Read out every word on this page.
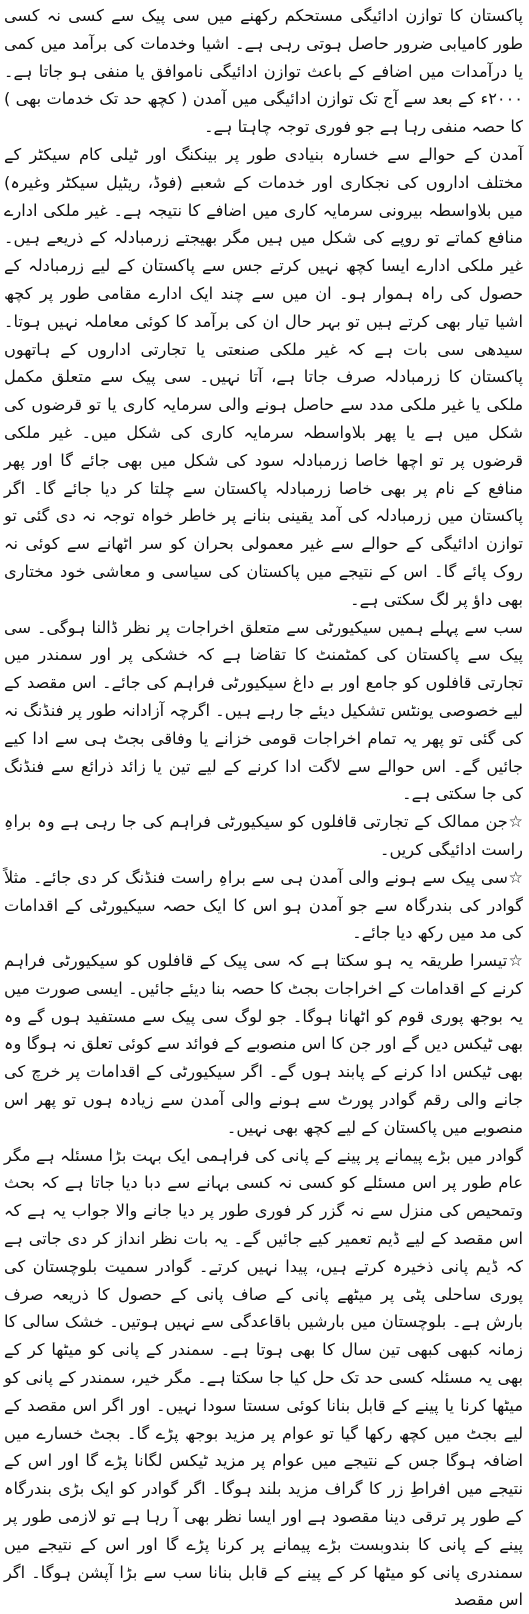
پاکستان کا توازن ادائیگی مستحکم رکھنے میں سی پیک سے کسی نہ کسی طور کامیابی ضرور حاصل ہوتی رہی ہے۔ اشیا وخدمات کی برآمد میں کمی یا درآمدات میں اضافے کے باعث توازن ادائیگی ناموافق یا منفی ہو جاتا ہے۔ ۲۰۰۰ء کے بعد سے آج تک توازن ادائیگی میں آمدن ( کچھ حد تک خدمات بھی ) کا حصہ منفی رہا ہے جو فوری توجہ چاہتا ہے۔

آمدن کے حوالے سے خسارہ بنیادی طور پر بینکنگ اور ٹیلی کام سیکٹر کے مختلف اداروں کی نجکاری اور خدمات کے شعبے (فوڈ، ریٹیل سیکٹر وغیرہ) میں بلاواسطہ بیرونی سرمایہ کاری میں اضافے کا نتیجہ ہے۔ غیر ملکی ادارے منافع کماتے تو روپے کی شکل میں ہیں مگر بھیجتے زرمبادلہ کے ذریعے ہیں۔ غیر ملکی ادارے ایسا کچھ نہیں کرتے جس سے پاکستان کے لیے زرمبادلہ کے حصول کی راہ ہموار ہو۔ ان میں سے چند ایک ادارے مقامی طور پر کچھ اشیا تیار بھی کرتے ہیں تو بہر حال ان کی برآمد کا کوئی معاملہ نہیں ہوتا۔ سیدھی سی بات ہے کہ غیر ملکی صنعتی یا تجارتی اداروں کے ہاتھوں پاکستان کا زرمبادلہ صرف جاتا ہے، آتا نہیں۔ سی پیک سے متعلق مکمل ملکی یا غیر ملکی مدد سے حاصل ہونے والی سرمایہ کاری یا تو قرضوں کی شکل میں ہے یا پھر بلاواسطہ سرمایہ کاری کی شکل میں۔ غیر ملکی قرضوں پر تو اچھا خاصا زرمبادلہ سود کی شکل میں بھی جائے گا اور پھر منافع کے نام پر بھی خاصا زرمبادلہ پاکستان سے چلتا کر دیا جائے گا۔ اگر پاکستان میں زرمبادلہ کی آمد یقینی بنانے پر خاطر خواہ توجہ نہ دی گئی تو توازن ادائیگی کے حوالے سے غیر معمولی بحران کو سر اٹھانے سے کوئی نہ روک پائے گا۔ اس کے نتیجے میں پاکستان کی سیاسی و معاشی خود مختاری بھی داؤ پر لگ سکتی ہے۔

سب سے پہلے ہمیں سیکیورٹی سے متعلق اخراجات پر نظر ڈالنا ہوگی۔ سی پیک سے پاکستان کی کمٹمنٹ کا تقاضا ہے کہ خشکی پر اور سمندر میں تجارتی قافلوں کو جامع اور بے داغ سیکیورٹی فراہم کی جائے۔ اس مقصد کے لیے خصوصی یونٹس تشکیل دیئے جا رہے ہیں۔ اگرچہ آزادانہ طور پر فنڈنگ نہ کی گئی تو پھر یہ تمام اخراجات قومی خزانے یا وفاقی بجٹ ہی سے ادا کیے جائیں گے۔ اس حوالے سے لاگت ادا کرنے کے لیے تین یا زائد ذرائع سے فنڈنگ کی جا سکتی ہے۔

☆جن ممالک کے تجارتی قافلوں کو سیکیورٹی فراہم کی جا رہی ہے وہ براہِ راست ادائیگی کریں۔

☆سی پیک سے ہونے والی آمدن ہی سے براہِ راست فنڈنگ کر دی جائے۔ مثلاً گوادر کی بندرگاہ سے جو آمدن ہو اس کا ایک حصہ سیکیورٹی کے اقدامات کی مد میں رکھ دیا جائے۔

☆تیسرا طریقہ یہ ہو سکتا ہے کہ سی پیک کے قافلوں کو سیکیورٹی فراہم کرنے کے اقدامات کے اخراجات بجٹ کا حصہ بنا دیئے جائیں۔ ایسی صورت میں یہ بوجھ پوری قوم کو اٹھانا ہوگا۔ جو لوگ سی پیک سے مستفید ہوں گے وہ بھی ٹیکس دیں گے اور جن کا اس منصوبے کے فوائد سے کوئی تعلق نہ ہوگا وہ بھی ٹیکس ادا کرنے کے پابند ہوں گے۔ اگر سیکیورٹی کے اقدامات پر خرچ کی جانے والی رقم گوادر پورٹ سے ہونے والی آمدن سے زیادہ ہوں تو پھر اس منصوبے میں پاکستان کے لیے کچھ بھی نہیں۔

گوادر میں بڑے پیمانے پر پینے کے پانی کی فراہمی ایک بہت بڑا مسئلہ ہے مگر عام طور پر اس مسئلے کو کسی نہ کسی بہانے سے دبا دیا جاتا ہے کہ بحث وتمحیص کی منزل سے نہ گزر کر فوری طور پر دیا جانے والا جواب یہ ہے کہ اس مقصد کے لیے ڈیم تعمیر کیے جائیں گے۔ یہ بات نظر انداز کر دی جاتی ہے کہ ڈیم پانی ذخیرہ کرتے ہیں، پیدا نہیں کرتے۔ گوادر سمیت بلوچستان کی پوری ساحلی پٹی پر میٹھے پانی کے صاف پانی کے حصول کا ذریعہ صرف بارش ہے۔ بلوچستان میں بارشیں باقاعدگی سے نہیں ہوتیں۔ خشک سالی کا زمانہ کبھی کبھی تین سال کا بھی ہوتا ہے۔ سمندر کے پانی کو میٹھا کر کے بھی یہ مسئلہ کسی حد تک حل کیا جا سکتا ہے۔ مگر خیر، سمندر کے پانی کو میٹھا کرنا یا پینے کے قابل بنانا کوئی سستا سودا نہیں۔ اور اگر اس مقصد کے لیے بجٹ میں کچھ رکھا گیا تو عوام پر مزید بوجھ پڑے گا۔ بجٹ خسارے میں اضافہ ہوگا جس کے نتیجے میں عوام پر مزید ٹیکس لگانا پڑے گا اور اس کے نتیجے میں افراطِ زر کا گراف مزید بلند ہوگا۔ اگر گوادر کو ایک بڑی بندرگاہ کے طور پر ترقی دینا مقصود ہے اور ایسا نظر بھی آ رہا ہے تو لازمی طور پر پینے کے پانی کا بندوبست بڑے پیمانے پر کرنا پڑے گا اور اس کے نتیجے میں سمندری پانی کو میٹھا کر کے پینے کے قابل بنانا سب سے بڑا آپشن ہوگا۔ اگر اس مقصد
